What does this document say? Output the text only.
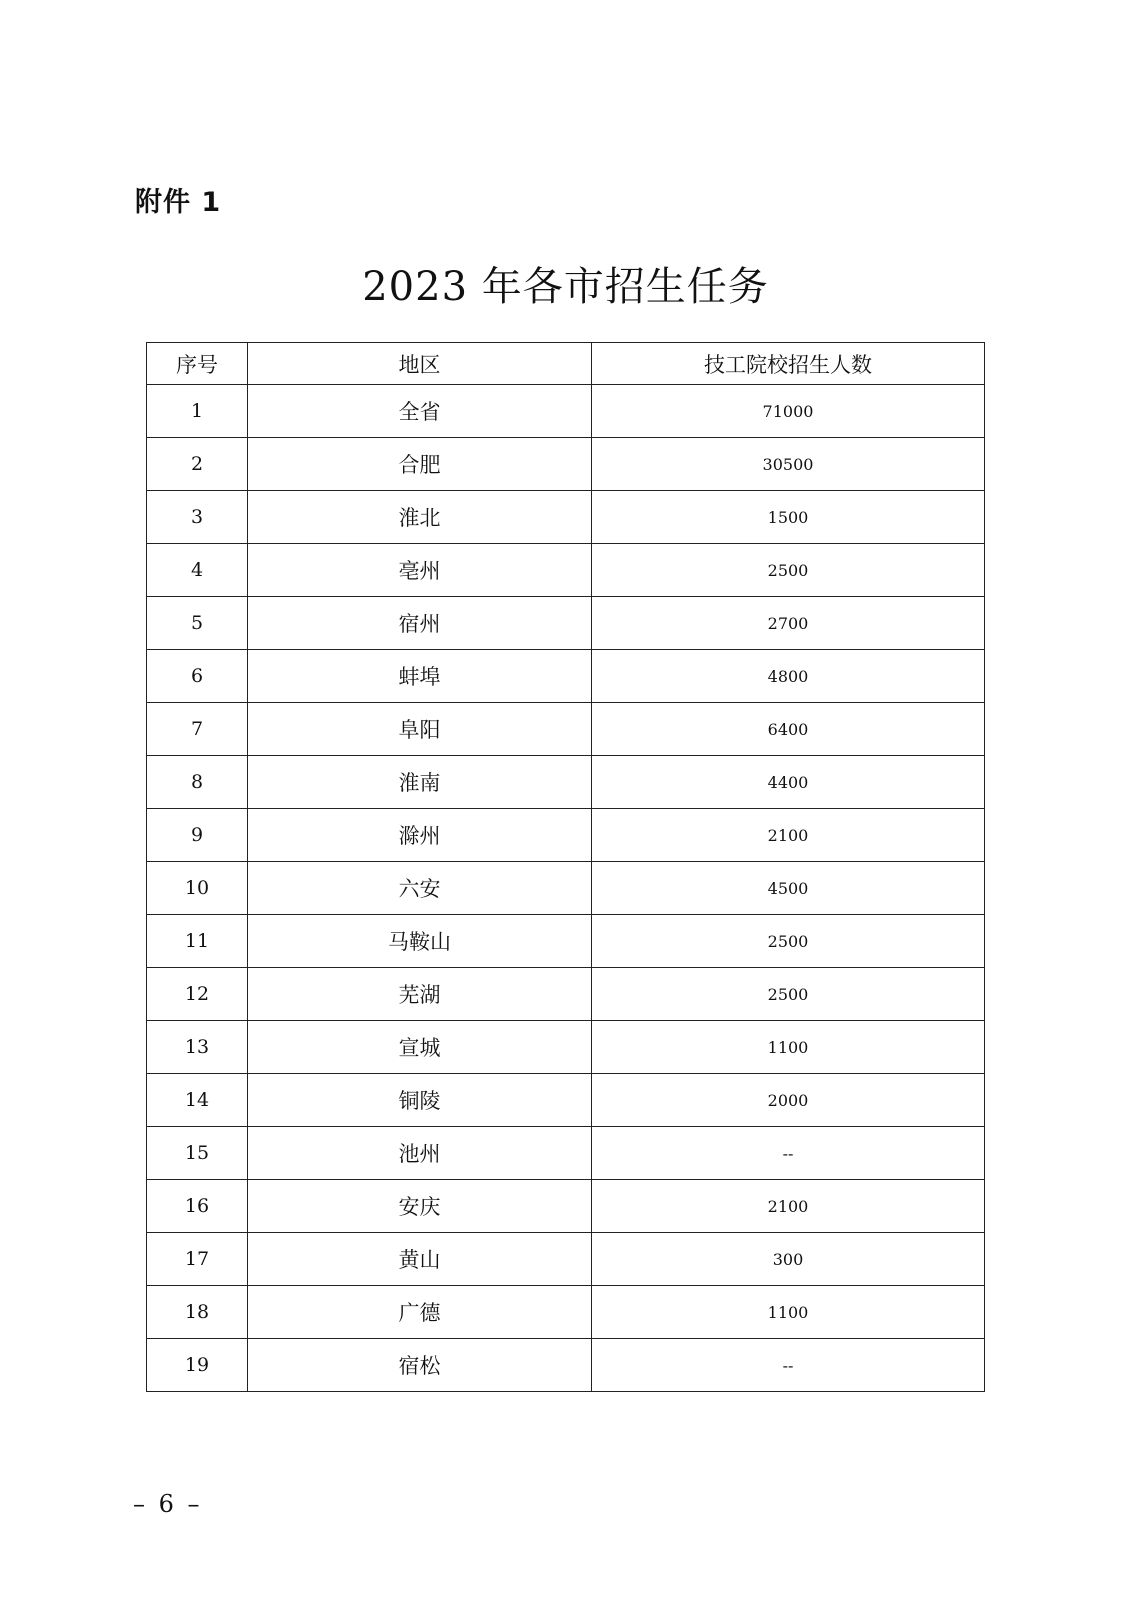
附件 1
2023 年各市招生任务
序号	地区	技工院校招生人数
1	全省	71000
2	合肥	30500
3	淮北	1500
4	亳州	2500
5	宿州	2700
6	蚌埠	4800
7	阜阳	6400
8	淮南	4400
9	滁州	2100
10	六安	4500
11	马鞍山	2500
12	芜湖	2500
13	宣城	1100
14	铜陵	2000
15	池州	--
16	安庆	2100
17	黄山	300
18	广德	1100
19	宿松	--
– 6 –
